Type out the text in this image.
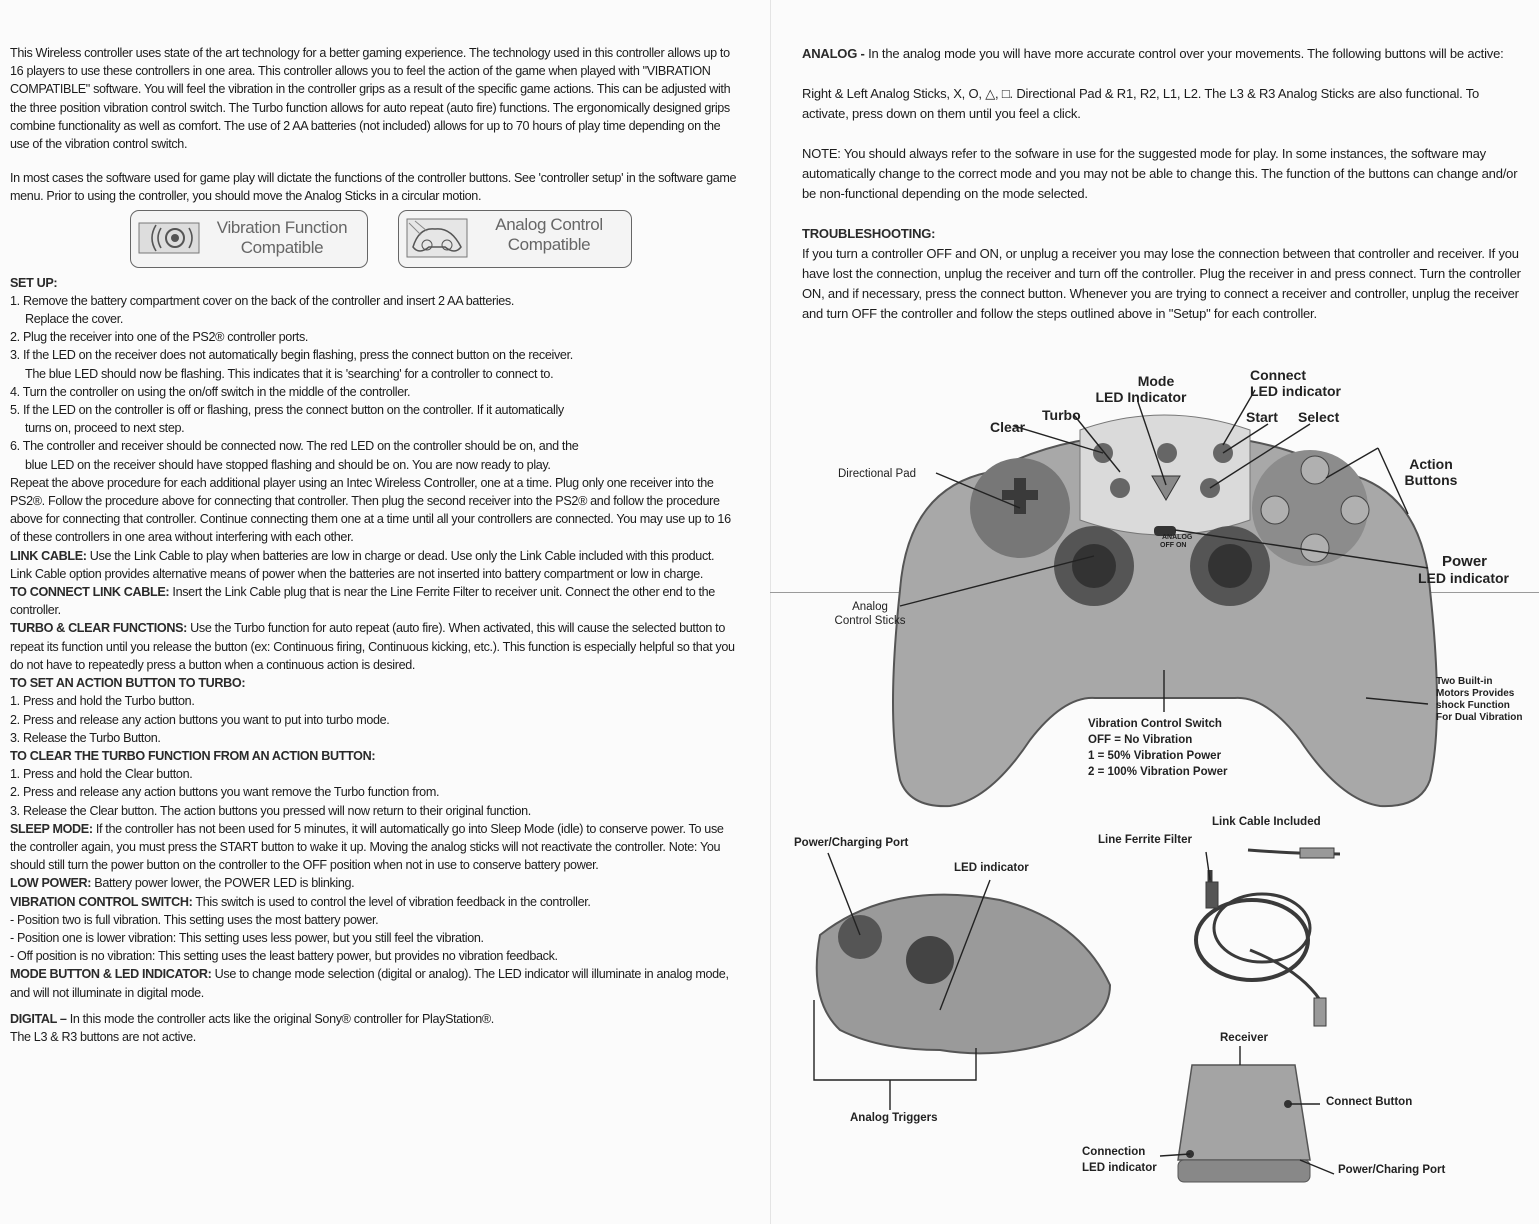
This Wireless controller uses state of the art technology for a better gaming experience. The technology used in this controller allows up to 16 players to use these controllers in one area. This controller allows you to feel the action of the game when played with "VIBRATION COMPATIBLE" software. You will feel the vibration in the controller grips as a result of the specific game actions. This can be adjusted with the three position vibration control switch. The Turbo function allows for auto repeat (auto fire) functions. The ergonomically designed grips combine functionality as well as comfort. The use of 2 AA batteries (not included) allows for up to 70 hours of play time depending on the use of the vibration control switch.

In most cases the software used for game play will dictate the functions of the controller buttons. See 'controller setup' in the software game menu. Prior to using the controller, you should move the Analog Sticks in a circular motion.

Vibration Function
Compatible
Analog Control
Compatible

SET UP:

1. Remove the battery compartment cover on the back of the controller and insert 2 AA batteries.

Replace the cover.

2. Plug the receiver into one of the PS2® controller ports.

3. If the LED on the receiver does not automatically begin flashing, press the connect button on the receiver.

The blue LED should now be flashing. This indicates that it is 'searching' for a controller to connect to.

4. Turn the controller on using the on/off switch in the middle of the controller.

5. If the LED on the controller is off or flashing, press the connect button on the controller. If it automatically

turns on, proceed to next step.

6. The controller and receiver should be connected now. The red LED on the controller should be on, and the

blue LED on the receiver should have stopped flashing and should be on. You are now ready to play.

Repeat the above procedure for each additional player using an Intec Wireless Controller, one at a time. Plug only one receiver into the PS2®. Follow the procedure above for connecting that controller. Then plug the second receiver into the PS2® and follow the procedure above for connecting that controller. Continue connecting them one at a time until all your controllers are connected. You may use up to 16 of these controllers in one area without interfering with each other.

LINK CABLE: Use the Link Cable to play when batteries are low in charge or dead. Use only the Link Cable included with this product. Link Cable option provides alternative means of power when the batteries are not inserted into battery compartment or low in charge.

TO CONNECT LINK CABLE: Insert the Link Cable plug that is near the Line Ferrite Filter to receiver unit. Connect the other end to the controller.

TURBO & CLEAR FUNCTIONS: Use the Turbo function for auto repeat (auto fire). When activated, this will cause the selected button to repeat its function until you release the button (ex: Continuous firing, Continuous kicking, etc.). This function is especially helpful so that you do not have to repeatedly press a button when a continuous action is desired.

TO SET AN ACTION BUTTON TO TURBO:

1. Press and hold the Turbo button.

2. Press and release any action buttons you want to put into turbo mode.

3. Release the Turbo Button.

TO CLEAR THE TURBO FUNCTION FROM AN ACTION BUTTON:

1. Press and hold the Clear button.

2. Press and release any action buttons you want remove the Turbo function from.

3. Release the Clear button. The action buttons you pressed will now return to their original function.

SLEEP MODE: If the controller has not been used for 5 minutes, it will automatically go into Sleep Mode (idle) to conserve power. To use the controller again, you must press the START button to wake it up. Moving the analog sticks will not reactivate the controller. Note: You should still turn the power button on the controller to the OFF position when not in use to conserve battery power.

LOW POWER: Battery power lower, the POWER LED is blinking.

VIBRATION CONTROL SWITCH: This switch is used to control the level of vibration feedback in the controller.

- Position two is full vibration. This setting uses the most battery power.

- Position one is lower vibration: This setting uses less power, but you still feel the vibration.

- Off position is no vibration: This setting uses the least battery power, but provides no vibration feedback.

MODE BUTTON & LED INDICATOR: Use to change mode selection (digital or analog). The LED indicator will illuminate in analog mode, and will not illuminate in digital mode.

DIGITAL – In this mode the controller acts like the original Sony® controller for PlayStation®.

The L3 & R3 buttons are not active.

ANALOG - In the analog mode you will have more accurate control over your movements. The following buttons will be active:

Right & Left Analog Sticks, X, O, △, □. Directional Pad & R1, R2, L1, L2. The L3 & R3 Analog Sticks are also functional. To activate, press down on them until you feel a click.

NOTE: You should always refer to the sofware in use for the suggested mode for play. In some instances, the software may automatically change to the correct mode and you may not be able to change this. The function of the buttons can change and/or be non-functional depending on the mode selected.

TROUBLESHOOTING:

If you turn a controller OFF and ON, or unplug a receiver you may lose the connection between that controller and receiver. If you have lost the connection, unplug the receiver and turn off the controller. Plug the receiver in and press connect. Turn the controller ON, and if necessary, press the connect button. Whenever you are trying to connect a receiver and controller, unplug the receiver and turn OFF the controller and follow the steps outlined above in "Setup" for each controller.

Mode
LED Indicator
Connect
LED indicator
Turbo
Clear
Start Select
Action
Buttons
Directional Pad
Power
LED indicator
Analog
Control Sticks
Two Built-in
Motors Provides
shock Function
For Dual Vibration
Vibration Control Switch
OFF = No Vibration
1 = 50% Vibration Power
2 = 100% Vibration Power
ANALOG
OFF ON
Power/Charging Port
LED indicator
Analog Triggers
Link Cable Included
Line Ferrite Filter
Receiver
Connect Button
Connection
LED indicator	Power/Charing Port
